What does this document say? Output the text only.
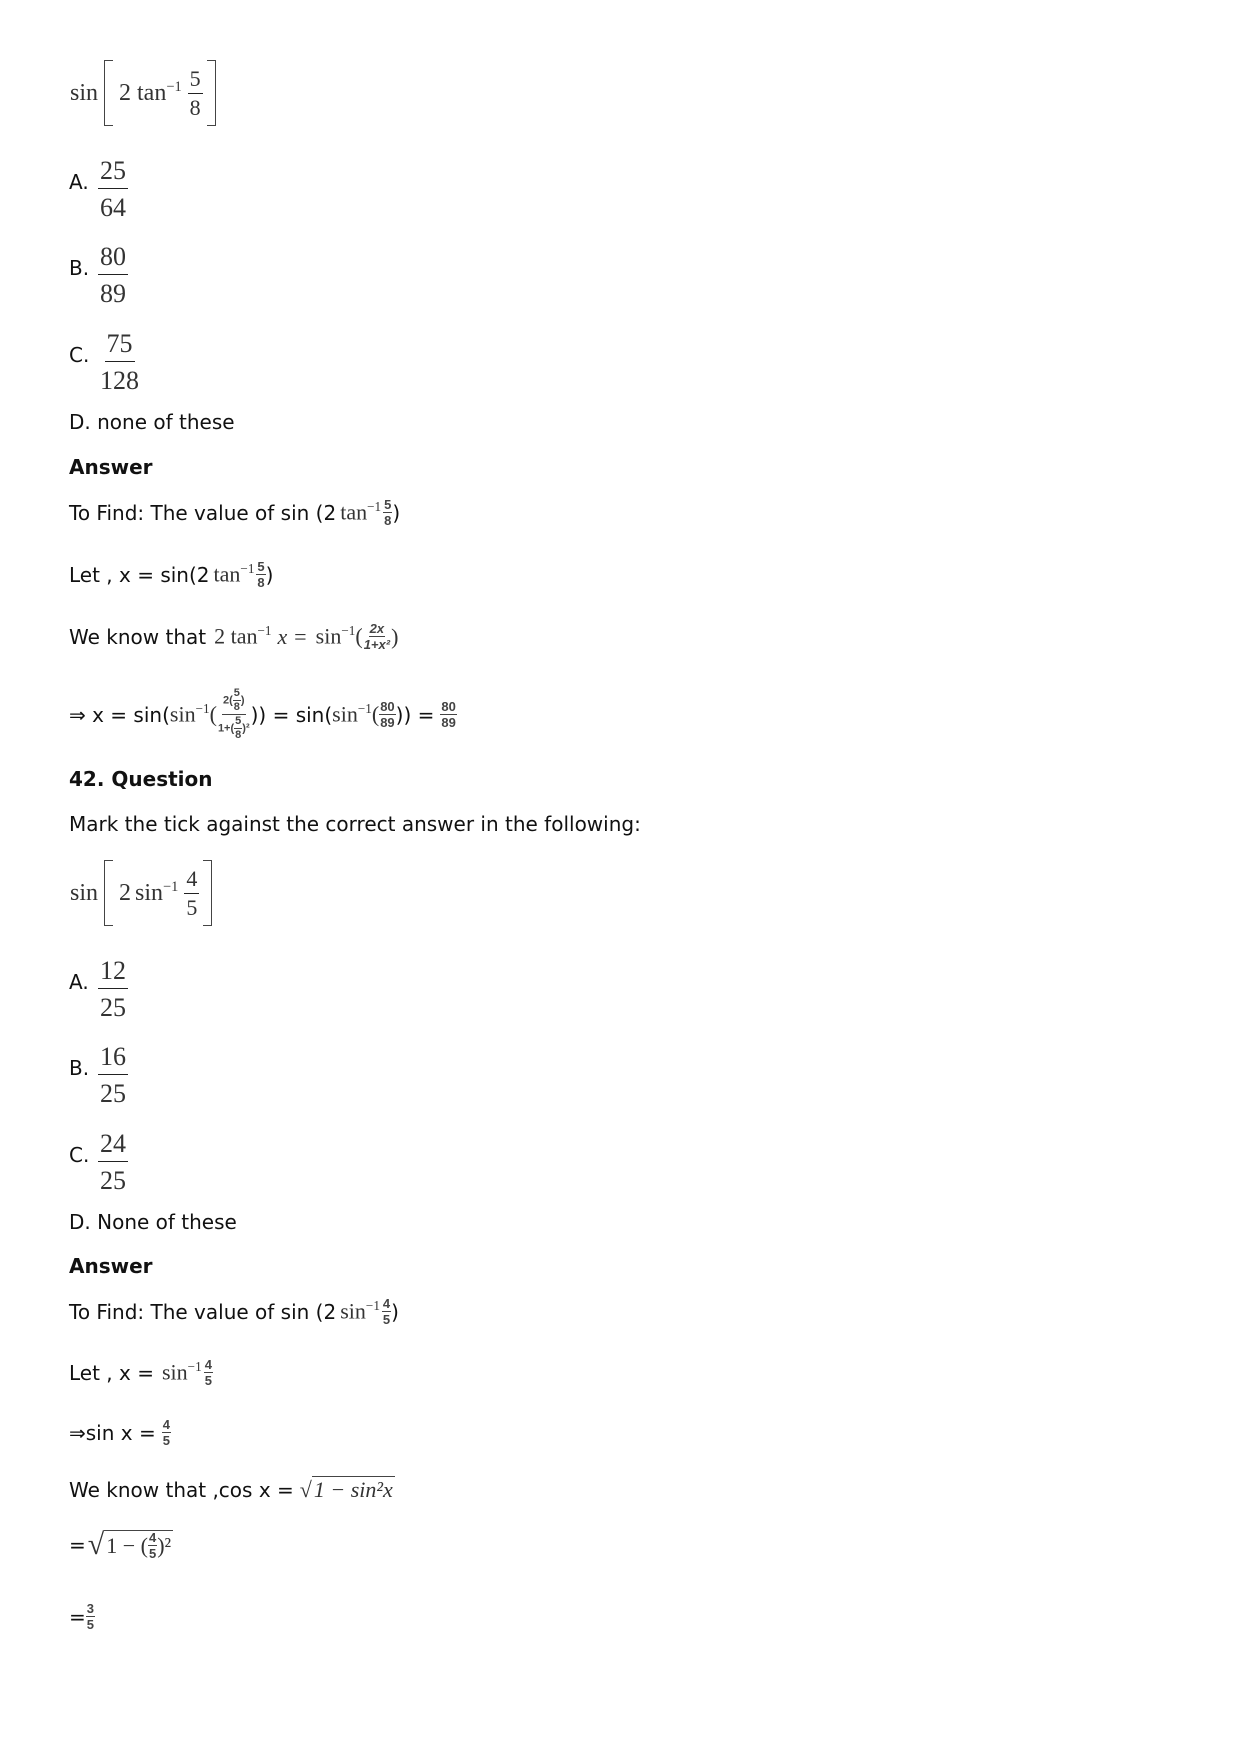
sin 2 $\tan^{-1} \frac{5}{8}$
A. $\frac{25}{64}$
B. $\frac{80}{89}$
C. $\frac{75}{128}$
D. none of these
Answer
To Find: The value of sin (2 $\tan^{-1} \frac{5}{8}$ )
Let , x = sin(2 $\tan^{-1} \frac{5}{8}$ )
We know that 2 $\tan^{-1} x = \sin^{-1}( \frac{2x}{\text{1+x²}}$ )
⇒ x = sin( $\sin^{-1}( \frac{2( \frac{5}{8} )}{1+( \frac{5}{8} )^2}$ ) ) = sin( $\sin^{-1}( \frac{80}{89}$ )) = $\frac{80}{89}$
42. Question
Mark the tick against the correct answer in the following:
sin 2 $\sin^{-1} \frac{4}{5}$
A. $\frac{12}{25}$
B. $\frac{16}{25}$
C. $\frac{24}{25}$
D. None of these
Answer
To Find: The value of sin (2 $\sin^{-1} \frac{4}{5}$ )
Let , $x = \sin^{-1} \frac{4}{5}$
⇒sin $x = \frac{4}{5}$
We know that ,cos x = √1 − sin²x
= √ 1 − ( $\frac{4}{5} )^2$
= $\frac{3}{5}$
